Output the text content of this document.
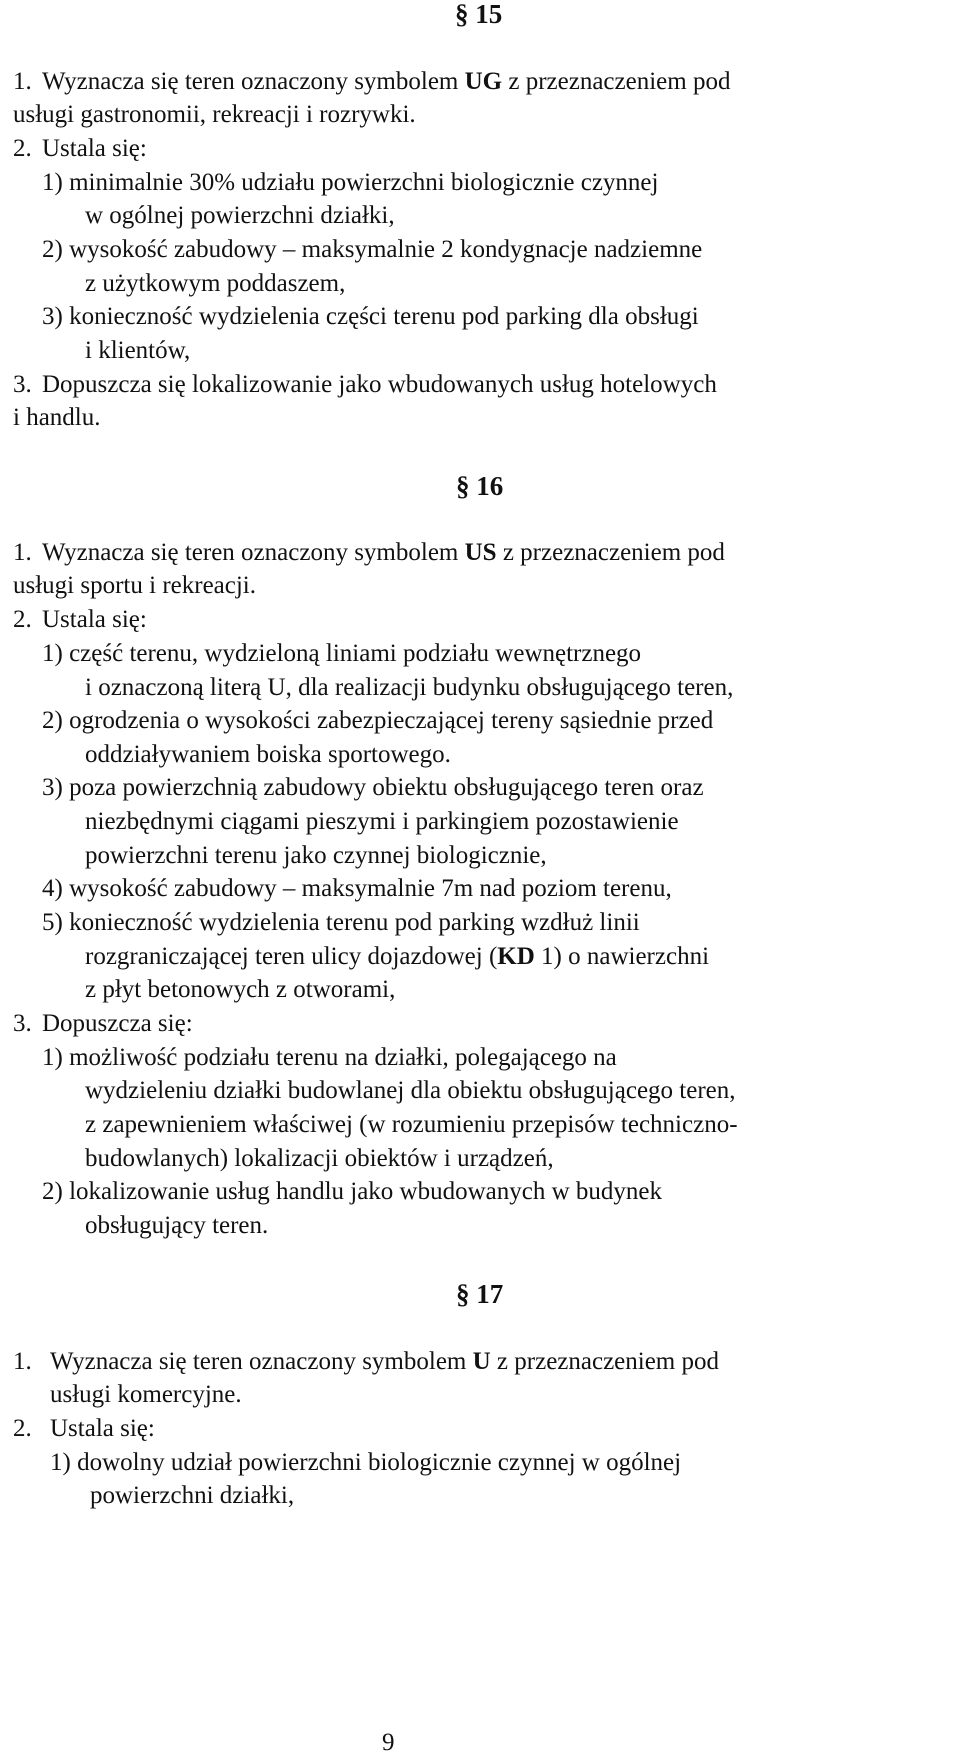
§ 15
1. Wyznacza się teren oznaczony symbolem UG z przeznaczeniem pod
usługi gastronomii, rekreacji i rozrywki.
2. Ustala się:
1) minimalnie 30% udziału powierzchni biologicznie czynnej
w ogólnej powierzchni działki,
2) wysokość zabudowy – maksymalnie 2 kondygnacje nadziemne
z użytkowym poddaszem,
3) konieczność wydzielenia części terenu pod parking dla obsługi
i klientów,
3. Dopuszcza się lokalizowanie jako wbudowanych usług hotelowych
i handlu.
§ 16
1. Wyznacza się teren oznaczony symbolem US z przeznaczeniem pod
usługi sportu i rekreacji.
2. Ustala się:
1) część terenu, wydzieloną liniami podziału wewnętrznego
i oznaczoną literą U, dla realizacji budynku obsługującego teren,
2) ogrodzenia o wysokości zabezpieczającej tereny sąsiednie przed
oddziaływaniem boiska sportowego.
3) poza powierzchnią zabudowy obiektu obsługującego teren oraz
niezbędnymi ciągami pieszymi i parkingiem pozostawienie
powierzchni terenu jako czynnej biologicznie,
4) wysokość zabudowy – maksymalnie 7m nad poziom terenu,
5) konieczność wydzielenia terenu pod parking wzdłuż linii
rozgraniczającej teren ulicy dojazdowej (KD 1) o nawierzchni
z płyt betonowych z otworami,
3. Dopuszcza się:
1) możliwość podziału terenu na działki, polegającego na
wydzieleniu działki budowlanej dla obiektu obsługującego teren,
z zapewnieniem właściwej (w rozumieniu przepisów techniczno-
budowlanych) lokalizacji obiektów i urządzeń,
2) lokalizowanie usług handlu jako wbudowanych w budynek
obsługujący teren.
§ 17
1. Wyznacza się teren oznaczony symbolem U z przeznaczeniem pod
usługi komercyjne.
2. Ustala się:
1) dowolny udział powierzchni biologicznie czynnej w ogólnej
powierzchni działki,
9
